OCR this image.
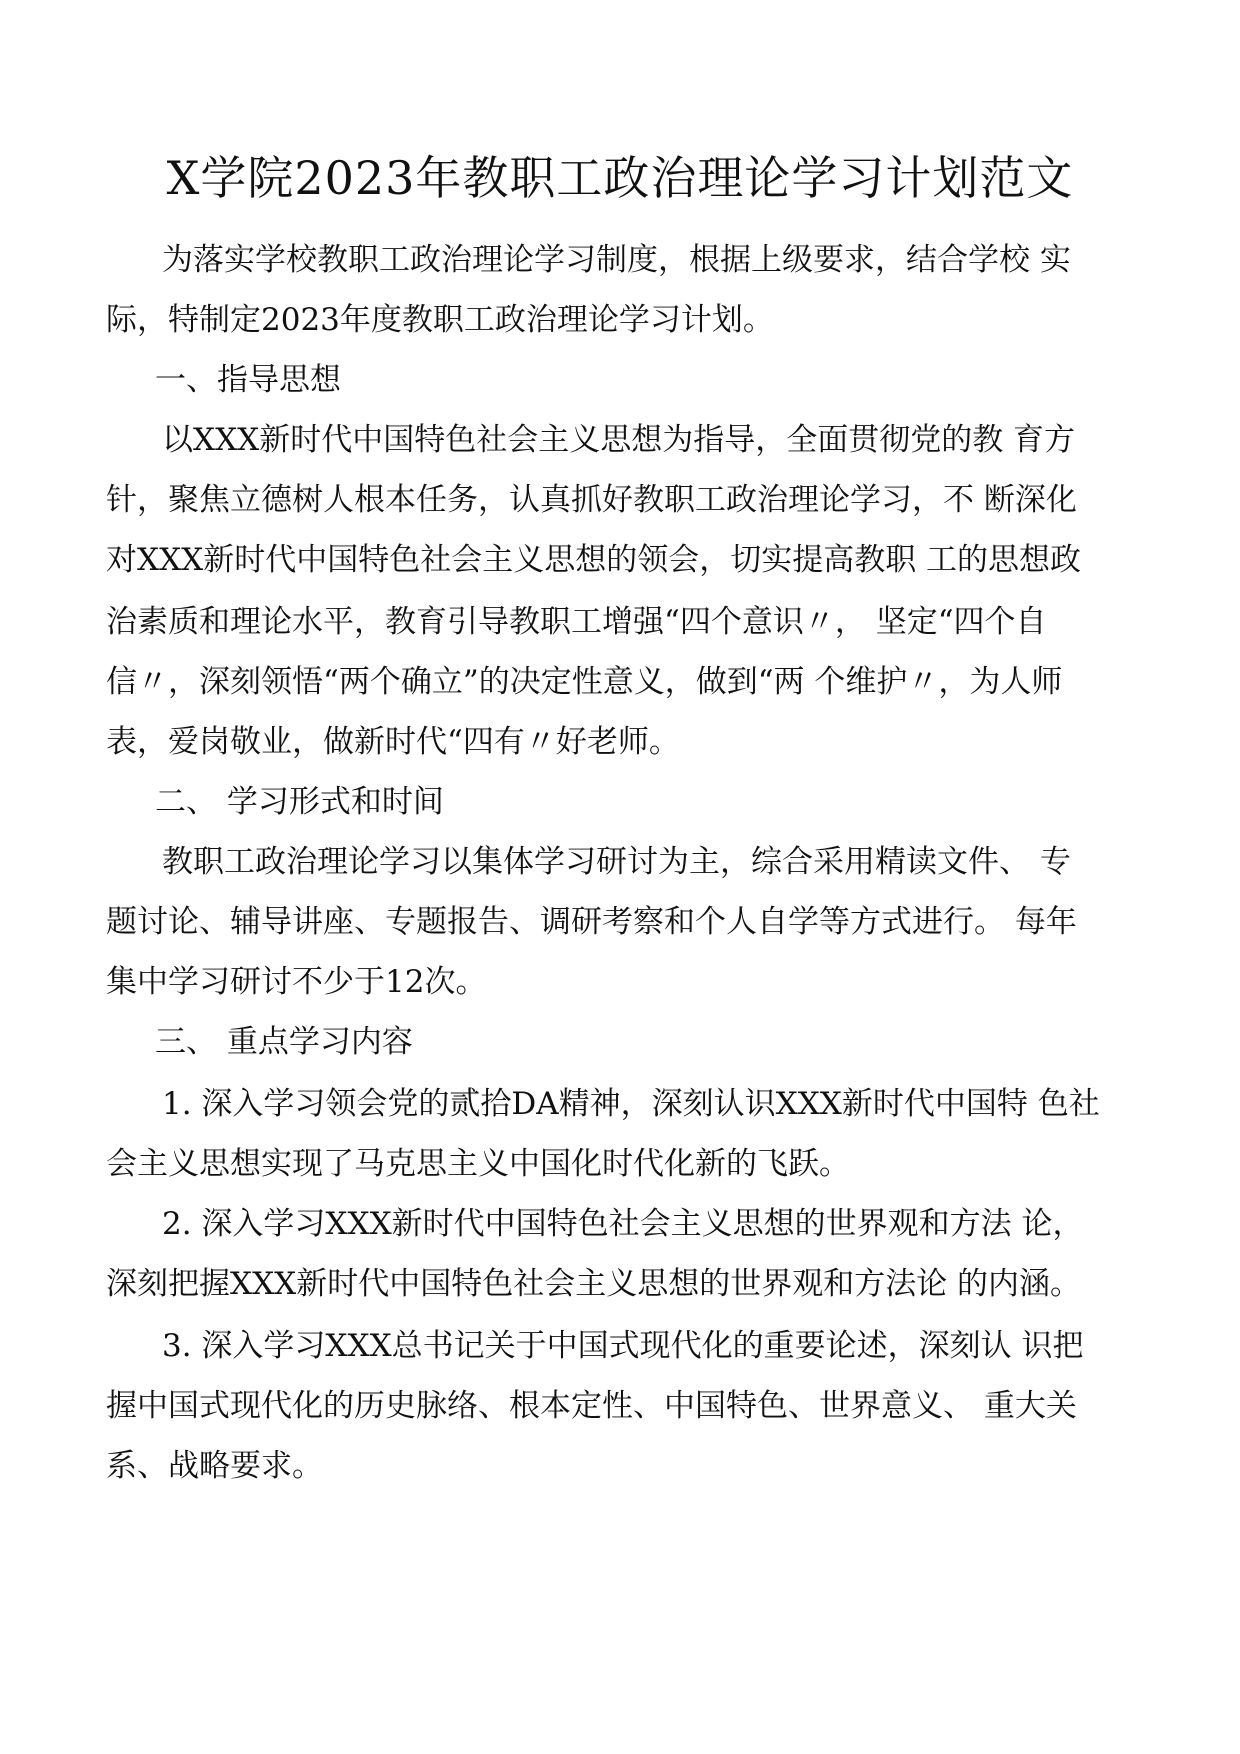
X学院2023年教职工政治理论学习计划范文
为落实学校教职工政治理论学习制度，根据上级要求，结合学校 实
际，特制定2023年度教职工政治理论学习计划。
一、指导思想
以XXX新时代中国特色社会主义思想为指导，全面贯彻党的教 育方
针，聚焦立德树人根本任务，认真抓好教职工政治理论学习，不 断深化
对XXX新时代中国特色社会主义思想的领会，切实提高教职 工的思想政
治素质和理论水平，教育引导教职工增强“四个意识〃， 坚定“四个自
信〃，深刻领悟“两个确立”的决定性意义，做到“两 个维护〃，为人师
表，爱岗敬业，做新时代“四有〃好老师。
二、 学习形式和时间
教职工政治理论学习以集体学习研讨为主，综合采用精读文件、 专
题讨论、辅导讲座、专题报告、调研考察和个人自学等方式进行。 每年
集中学习研讨不少于12次。
三、 重点学习内容
1. 深入学习领会党的贰拾DA精神，深刻认识XXX新时代中国特 色社
会主义思想实现了马克思主义中国化时代化新的飞跃。
2. 深入学习XXX新时代中国特色社会主义思想的世界观和方法 论，
深刻把握XXX新时代中国特色社会主义思想的世界观和方法论 的内涵。
3. 深入学习XXX总书记关于中国式现代化的重要论述，深刻认 识把
握中国式现代化的历史脉络、根本定性、中国特色、世界意义、 重大关
系、战略要求。
